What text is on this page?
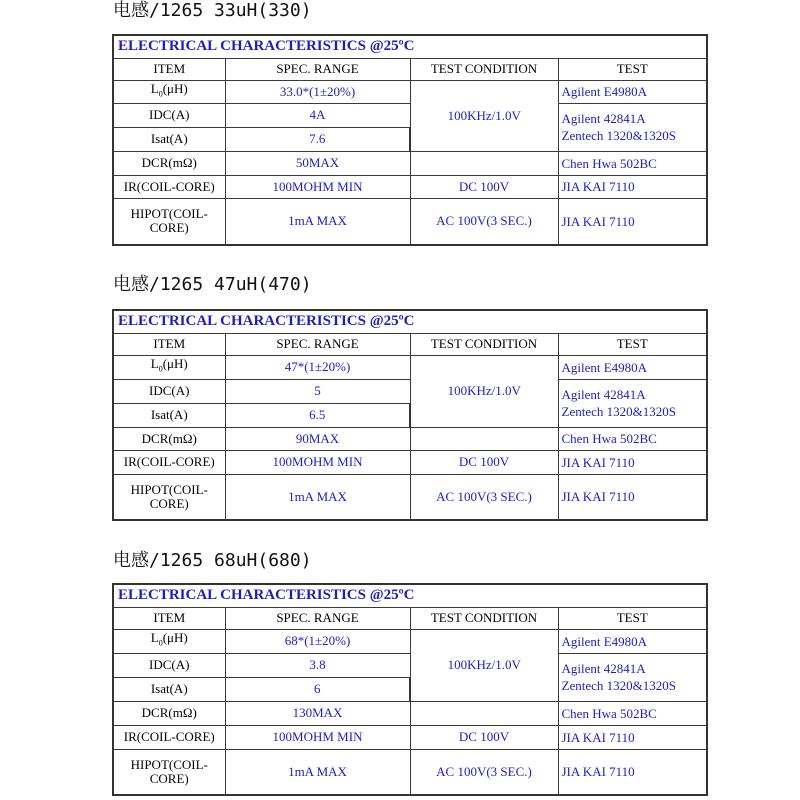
电感/1265 33uH(330)
ELECTRICAL CHARACTERISTICS @25ºC			
ITEM	SPEC. RANGE	TEST CONDITION	TEST
$L_0(\mu H)$	33.0*(1±20%)	100KHz/1.0V	Agilent E4980A
IDC(A)	4A		Agilent 42841A
Zentech 1320&1320S

Isat(A)	7.6		
DCR(mΩ)	50MAX		Chen Hwa 502BC
IR(COIL-CORE)	100MOHM MIN	DC 100V	JIA KAI 7110

HIPOT(COIL-
CORE)	1mA MAX	AC 100V(3 SEC.)	JIA KAI 7110
电感/1265 47uH(470)
ELECTRICAL CHARACTERISTICS @25ºC			
ITEM	SPEC. RANGE	TEST CONDITION	TEST
$L_0(\mu H)$	47*(1±20%)	100KHz/1.0V	Agilent E4980A
IDC(A)	5		Agilent 42841A
Zentech 1320&1320S

Isat(A)	6.5		
DCR(mΩ)	90MAX		Chen Hwa 502BC
IR(COIL-CORE)	100MOHM MIN	DC 100V	JIA KAI 7110

HIPOT(COIL-
CORE)	1mA MAX	AC 100V(3 SEC.)	JIA KAI 7110
电感/1265 68uH(680)
ELECTRICAL CHARACTERISTICS @25ºC			
ITEM	SPEC. RANGE	TEST CONDITION	TEST
$L_0(\mu H)$	68*(1±20%)	100KHz/1.0V	Agilent E4980A
IDC(A)	3.8		Agilent 42841A
Zentech 1320&1320S

Isat(A)	6		
DCR(mΩ)	130MAX		Chen Hwa 502BC
IR(COIL-CORE)	100MOHM MIN	DC 100V	JIA KAI 7110

HIPOT(COIL-
CORE)	1mA MAX	AC 100V(3 SEC.)	JIA KAI 7110
